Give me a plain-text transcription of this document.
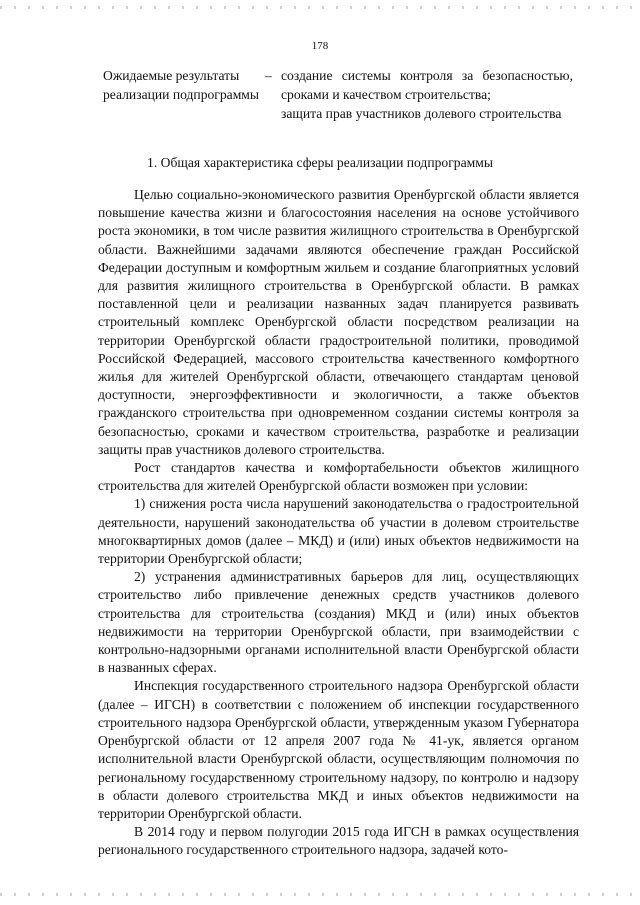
178
Ожидаемые результаты реализации подпрограммы
– создание системы контроля за безопасностью, сроками и качеством строительства;
защита прав участников долевого строительства
1. Общая характеристика сферы реализации подпрограммы

Целью социально-экономического развития Оренбургской области является повышение качества жизни и благосостояния населения на основе устойчивого роста экономики, в том числе развития жилищного строительства в Оренбургской области. Важнейшими задачами являются обеспечение граждан Российской Федерации доступным и комфортным жильем и создание благоприятных условий для развития жилищного строительства в Оренбургской области. В рамках поставленной цели и реализации названных задач планируется развивать строительный комплекс Оренбургской области посредством реализации на территории Оренбургской области градостроительной политики, проводимой Российской Федерацией, массового строительства качественного комфортного жилья для жителей Оренбургской области, отвечающего стандартам ценовой доступности, энергоэффективности и экологичности, а также объектов гражданского строительства при одновременном создании системы контроля за безопасностью, сроками и качеством строительства, разработке и реализации защиты прав участников долевого строительства.

Рост стандартов качества и комфортабельности объектов жилищного строительства для жителей Оренбургской области возможен при условии:

1) снижения роста числа нарушений законодательства о градостроительной деятельности, нарушений законодательства об участии в долевом строительстве многоквартирных домов (далее – МКД) и (или) иных объектов недвижимости на территории Оренбургской области;

2) устранения административных барьеров для лиц, осуществляющих строительство либо привлечение денежных средств участников долевого строительства для строительства (создания) МКД и (или) иных объектов недвижимости на территории Оренбургской области, при взаимодействии с контрольно-надзорными органами исполнительной власти Оренбургской области в названных сферах.

Инспекция государственного строительного надзора Оренбургской области (далее – ИГСН) в соответствии с положением об инспекции государственного строительного надзора Оренбургской области, утвержденным указом Губернатора Оренбургской области от 12 апреля 2007 года № 41-ук, является органом исполнительной власти Оренбургской области, осуществляющим полномочия по региональному государственному строительному надзору, по контролю и надзору в области долевого строительства МКД и иных объектов недвижимости на территории Оренбургской области.

В 2014 году и первом полугодии 2015 года ИГСН в рамках осуществления регионального государственного строительного надзора, задачей кото-
